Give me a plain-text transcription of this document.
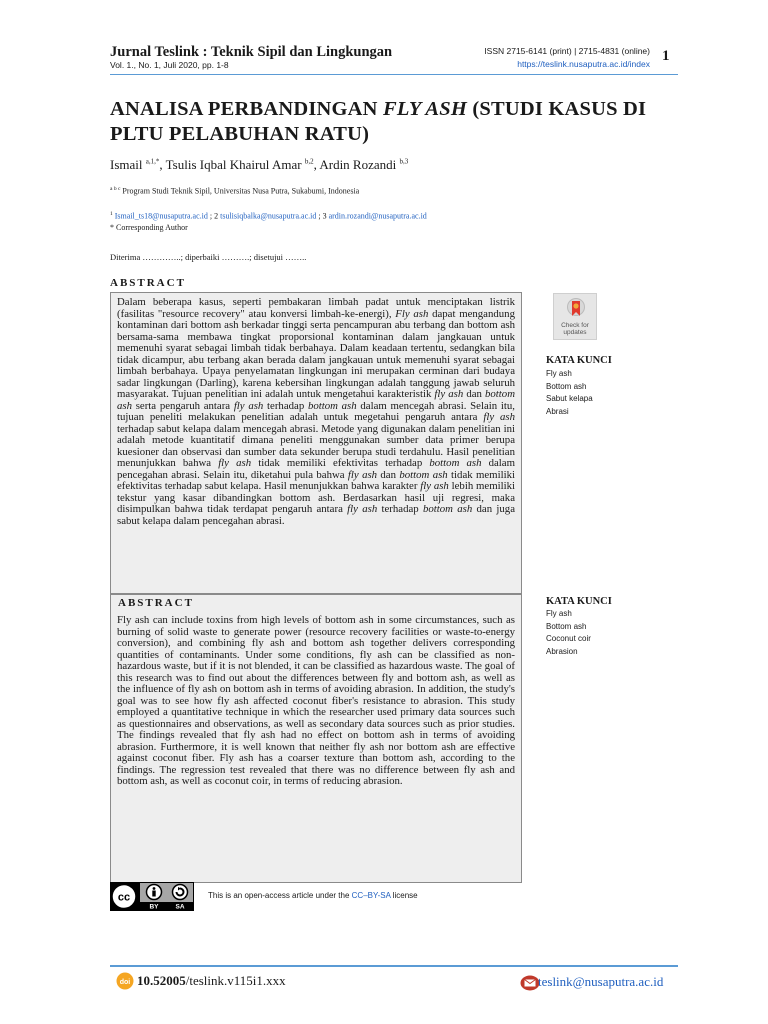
Jurnal Teslink : Teknik Sipil dan Lingkungan
Vol. 1., No. 1, Juli 2020, pp. 1-8
ISSN 2715-6141 (print) | 2715-4831 (online)
https://teslink.nusaputra.ac.id/index 1
ANALISA PERBANDINGAN FLY ASH (STUDI KASUS DI PLTU PELABUHAN RATU)
Ismail $^{a,1,*}$, Tsulis Iqbal Khairul Amar $^{b,2}$, Ardin Rozandi $^{b,3}$
$^{a b c}$ Program Studi Teknik Sipil, Universitas Nusa Putra, Sukabumi, Indonesia
$^1$ Ismail_ts18@nusaputra.ac.id ; 2 tsulisiqbalka@nusaputra.ac.id ; 3 ardin.rozandi@nusaputra.ac.id
* Corresponding Author
Diterima …………..; diperbaiki ……….; disetujui ……..
ABSTRACT
Dalam beberapa kasus, seperti pembakaran limbah padat untuk menciptakan listrik (fasilitas "resource recovery" atau konversi limbah-ke-energi), Fly ash dapat mengandung kontaminan dari bottom ash berkadar tinggi serta pencampuran abu terbang dan bottom ash bersama-sama membawa tingkat proporsional kontaminan dalam jangkauan untuk memenuhi syarat sebagai limbah tidak berbahaya. Dalam keadaan tertentu, sedangkan bila tidak dicampur, abu terbang akan berada dalam jangkauan untuk memenuhi syarat sebagai limbah berbahaya. Upaya penyelamatan lingkungan ini merupakan cerminan dari budaya sadar lingkungan (Darling), karena kebersihan lingkungan adalah tanggung jawab seluruh masyarakat. Tujuan penelitian ini adalah untuk mengetahui karakteristik fly ash dan bottom ash serta pengaruh antara fly ash terhadap bottom ash dalam mencegah abrasi. Selain itu, tujuan peneliti melakukan penelitian adalah untuk megetahui pengaruh antara fly ash terhadap sabut kelapa dalam mencegah abrasi. Metode yang digunakan dalam penelitian ini adalah metode kuantitatif dimana peneliti menggunakan sumber data primer berupa kuesioner dan observasi dan sumber data sekunder berupa studi terdahulu. Hasil penelitian menunjukkan bahwa fly ash tidak memiliki efektivitas terhadap bottom ash dalam pencegahan abrasi. Selain itu, diketahui pula bahwa fly ash dan bottom ash tidak memiliki efektivitas terhadap sabut kelapa. Hasil menunjukkan bahwa karakter fly ash lebih memiliki tekstur yang kasar dibandingkan bottom ash. Berdasarkan hasil uji regresi, maka disimpulkan bahwa tidak terdapat pengaruh antara fly ash terhadap bottom ash dan juga sabut kelapa dalam pencegahan abrasi.
ABSTRACT
Fly ash can include toxins from high levels of bottom ash in some circumstances, such as burning of solid waste to generate power (resource recovery facilities or waste-to-energy conversion), and combining fly ash and bottom ash together delivers corresponding quantities of contaminants. Under some conditions, fly ash can be classified as non-hazardous waste, but if it is not blended, it can be classified as hazardous waste. The goal of this research was to find out about the differences between fly and bottom ash, as well as the influence of fly ash on bottom ash in terms of avoiding abrasion. In addition, the study's goal was to see how fly ash affected coconut fiber's resistance to abrasion. This study employed a quantitative technique in which the researcher used primary data sources such as questionnaires and observations, as well as secondary data sources such as prior studies. The findings revealed that fly ash had no effect on bottom ash in terms of avoiding abrasion. Furthermore, it is well known that neither fly ash nor bottom ash are effective against coconut fiber. Fly ash has a coarser texture than bottom ash, according to the findings. The regression test revealed that there was no difference between fly ash and bottom ash, as well as coconut coir, in terms of reducing abrasion.
Check for
updates
KATA KUNCI
Fly ash
Bottom ash
Sabut kelapa
Abrasi
KATA KUNCI
Fly ash
Bottom ash
Coconut coir
Abrasion
cc
BY	SA
This is an open-access article under the CC–BY-SA license
doi 10.52005/teslink.v115i1.xxx	teslink@nusaputra.ac.id
